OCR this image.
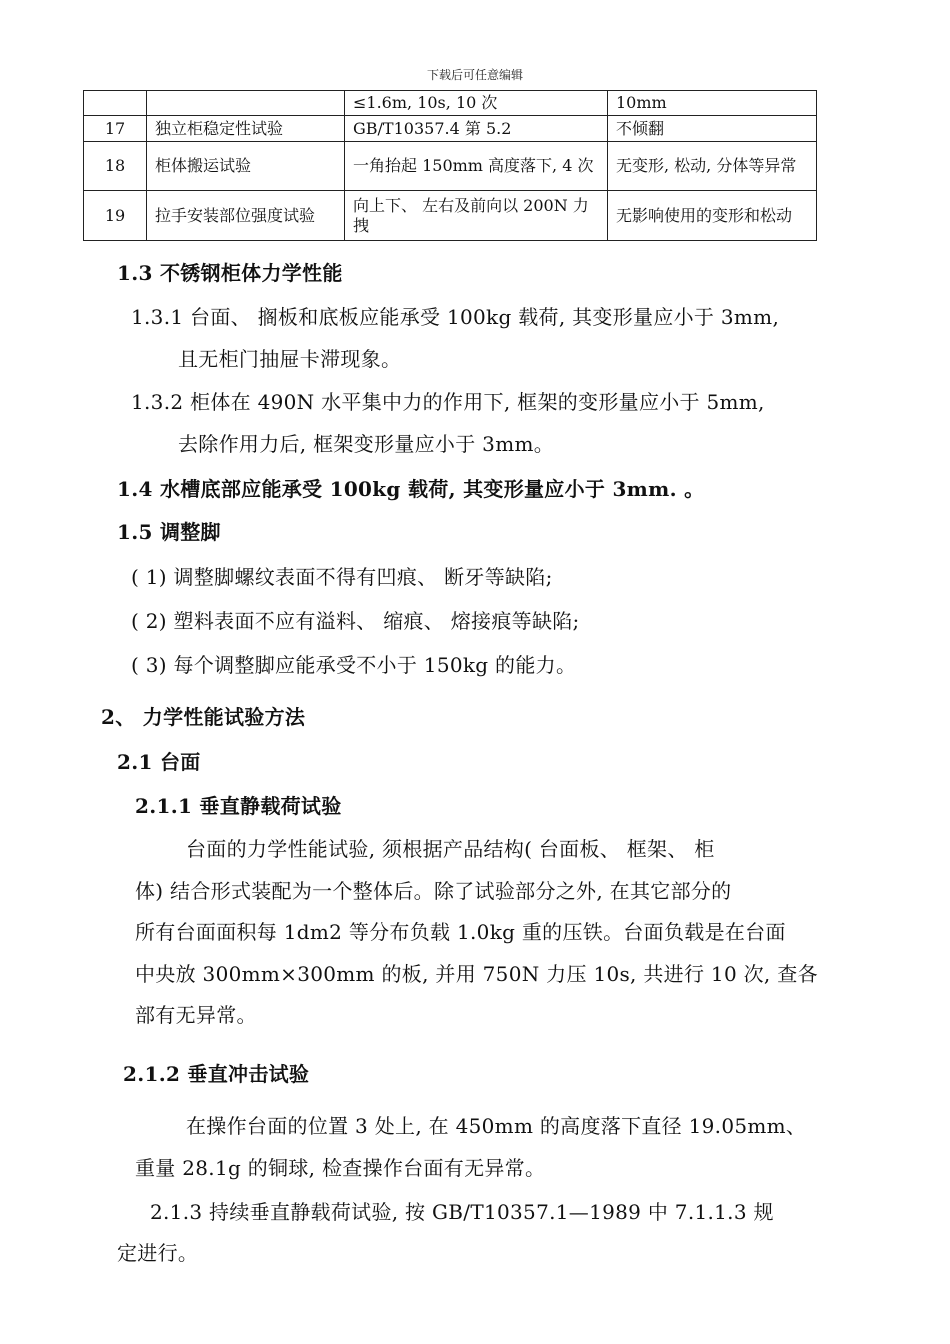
下载后可任意编辑
		≤1.6m, 10s, 10 次	10mm
17	独立柜稳定性试验	GB/T10357.4 第 5.2	不倾翻
18	柜体搬运试验	一角抬起 150mm 高度落下, 4 次	无变形, 松动, 分体等异常
19	拉手安装部位强度试验	向上下、 左右及前向以 200N 力拽	无影响使用的变形和松动
1.3 不锈钢柜体力学性能
1.3.1 台面、 搁板和底板应能承受 100kg 载荷, 其变形量应小于 3mm,
且无柜门抽屉卡滞现象。
1.3.2 柜体在 490N 水平集中力的作用下, 框架的变形量应小于 5mm,
去除作用力后, 框架变形量应小于 3mm。
1.4 水槽底部应能承受 100kg 载荷, 其变形量应小于 3mm. 。
1.5 调整脚
( 1) 调整脚螺纹表面不得有凹痕、 断牙等缺陷;
( 2) 塑料表面不应有溢料、 缩痕、 熔接痕等缺陷;
( 3) 每个调整脚应能承受不小于 150kg 的能力。
2、 力学性能试验方法
2.1 台面
2.1.1 垂直静载荷试验
台面的力学性能试验, 须根据产品结构( 台面板、 框架、 柜
体) 结合形式装配为一个整体后。除了试验部分之外, 在其它部分的
所有台面面积每 1dm2 等分布负载 1.0kg 重的压铁。台面负载是在台面
中央放 300mm×300mm 的板, 并用 750N 力压 10s, 共进行 10 次, 查各
部有无异常。
2.1.2 垂直冲击试验
在操作台面的位置 3 处上, 在 450mm 的高度落下直径 19.05mm、
重量 28.1g 的铜球, 检查操作台面有无异常。
2.1.3 持续垂直静载荷试验, 按 GB/T10357.1—1989 中 7.1.1.3 规
定进行。
